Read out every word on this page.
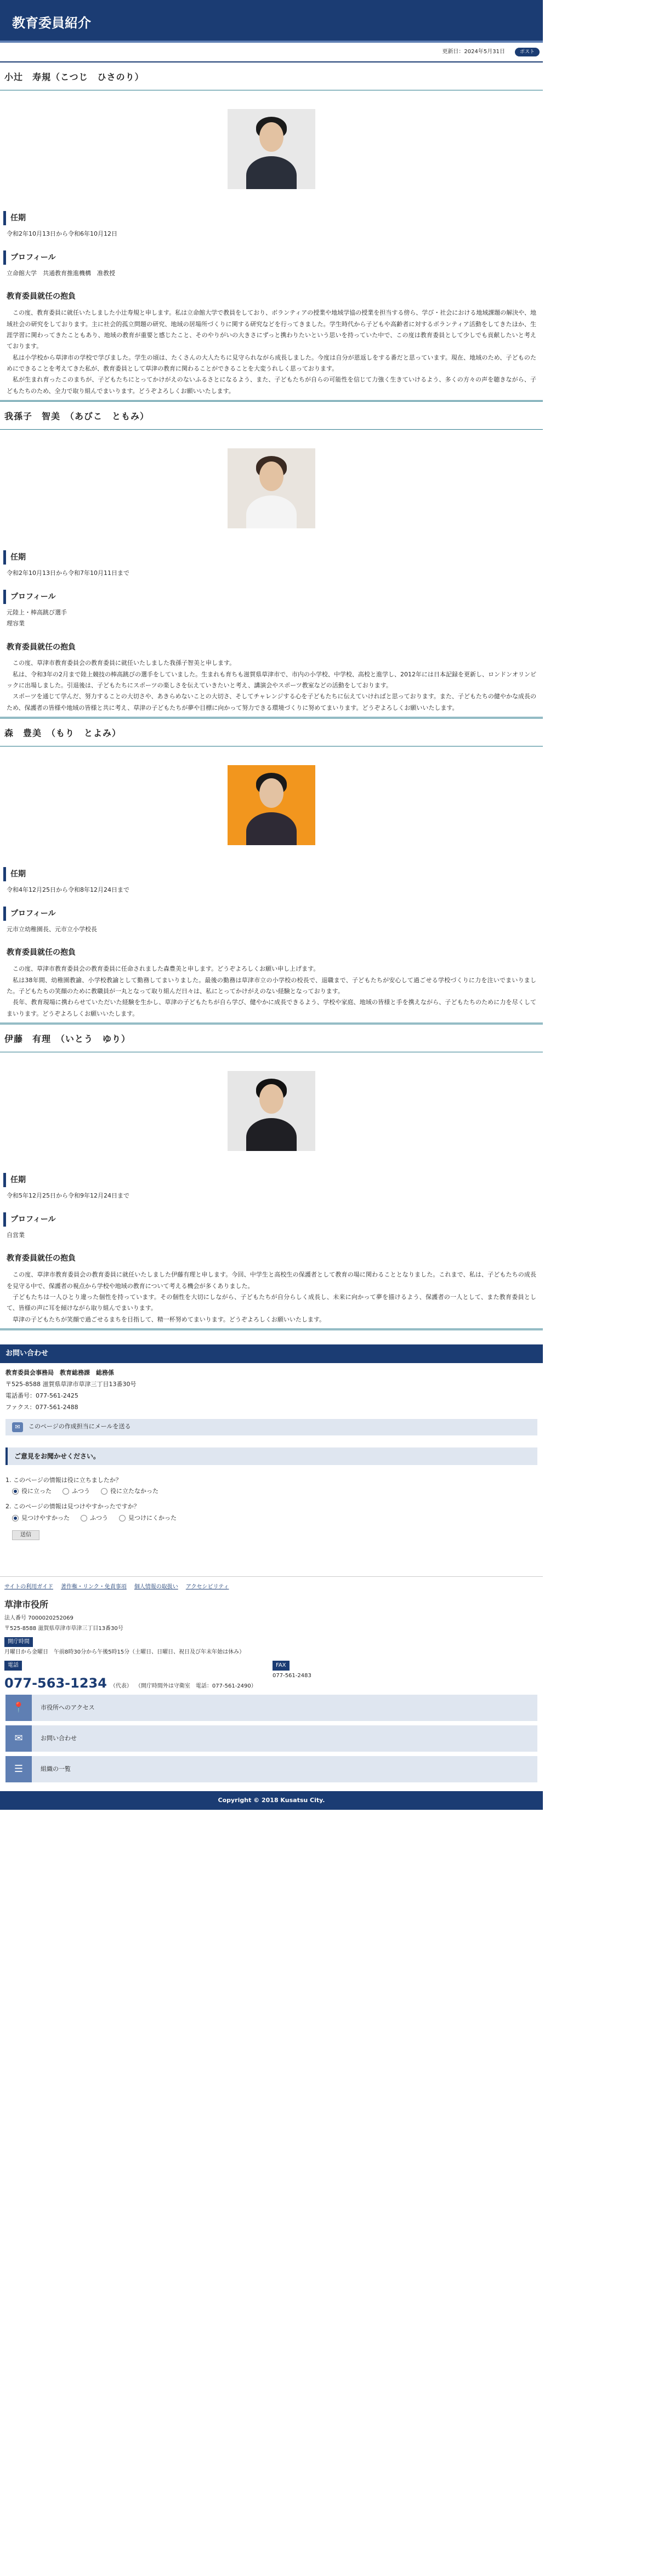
教育委員紹介
更新日：2024年5月31日	ポスト
小辻　寿規（こつじ　ひさのり）
任期
令和2年10月13日から令和6年10月12日
プロフィール
立命館大学　共通教育推進機構　准教授
教育委員就任の抱負

この度、教育委員に就任いたしました小辻寿規と申します。私は立命館大学で教員をしており、ボランティアの授業や地域学協の授業を担当する傍ら、学び・社会における地域課題の解決や、地域社会の研究をしております。主に社会的孤立問題の研究、地域の居場所づくりに関する研究などを行ってきました。学生時代から子どもや高齢者に対するボランティア活動をしてきたほか、生涯学習に関わってきたこともあり、地域の教育が重要と感じたこと、そのやりがいの大きさにずっと携わりたいという思いを持っていた中で、この度は教育委員として少しでも貢献したいと考えております。

私は小学校から草津市の学校で学びました。学生の頃は、たくさんの大人たちに見守られながら成長しました。今度は自分が恩返しをする番だと思っています。現在、地域のため、子どものためにできることを考えてきた私が、教育委員として草津の教育に関わることができることを大変うれしく思っております。

私が生まれ育ったこのまちが、子どもたちにとってかけがえのないふるさとになるよう、また、子どもたちが自らの可能性を信じて力強く生きていけるよう、多くの方々の声を聴きながら、子どもたちのため、全力で取り組んでまいります。どうぞよろしくお願いいたします。

我孫子　智美　（あびこ　ともみ）
任期
令和2年10月13日から令和7年10月11日まで
プロフィール
元陸上・棒高跳び選手
理容業
教育委員就任の抱負

この度、草津市教育委員会の教育委員に就任いたしました我孫子智美と申します。

私は、令和3年の2月まで陸上競技の棒高跳びの選手をしていました。生まれも育ちも滋賀県草津市で、市内の小学校、中学校、高校と進学し、2012年には日本記録を更新し、ロンドンオリンピックに出場しました。引退後は、子どもたちにスポーツの楽しさを伝えていきたいと考え、講演会やスポーツ教室などの活動をしております。

スポーツを通じて学んだ、努力することの大切さや、あきらめないことの大切さ、そしてチャレンジする心を子どもたちに伝えていければと思っております。また、子どもたちの健やかな成長のため、保護者の皆様や地域の皆様と共に考え、草津の子どもたちが夢や目標に向かって努力できる環境づくりに努めてまいります。どうぞよろしくお願いいたします。

森　豊美　（もり　とよみ）
任期
令和4年12月25日から令和8年12月24日まで
プロフィール
元市立幼稚園長、元市立小学校長
教育委員就任の抱負

この度、草津市教育委員会の教育委員に任命されました森豊美と申します。どうぞよろしくお願い申し上げます。

私は38年間、幼稚園教諭、小学校教諭として勤務してまいりました。最後の勤務は草津市立の小学校の校長で、退職まで、子どもたちが安心して過ごせる学校づくりに力を注いでまいりました。子どもたちの笑顔のために教職員が一丸となって取り組んだ日々は、私にとってかけがえのない経験となっております。

長年、教育現場に携わらせていただいた経験を生かし、草津の子どもたちが自ら学び、健やかに成長できるよう、学校や家庭、地域の皆様と手を携えながら、子どもたちのために力を尽くしてまいります。どうぞよろしくお願いいたします。

伊藤　有理　（いとう　ゆり）
任期
令和5年12月25日から令和9年12月24日まで
プロフィール
自営業
教育委員就任の抱負

この度、草津市教育委員会の教育委員に就任いたしました伊藤有理と申します。今回、中学生と高校生の保護者として教育の場に関わることとなりました。これまで、私は、子どもたちの成長を見守る中で、保護者の視点から学校や地域の教育について考える機会が多くありました。

子どもたちは一人ひとり違った個性を持っています。その個性を大切にしながら、子どもたちが自分らしく成長し、未来に向かって夢を描けるよう、保護者の一人として、また教育委員として、皆様の声に耳を傾けながら取り組んでまいります。

草津の子どもたちが笑顔で過ごせるまちを目指して、精一杯努めてまいります。どうぞよろしくお願いいたします。

お問い合わせ
教育委員会事務局　教育総務課　総務係
〒525-8588 滋賀県草津市草津三丁目13番30号
電話番号：077-561-2425
ファクス：077-561-2488
✉	このページの作成担当にメールを送る
ご意見をお聞かせください。
1. このページの情報は役に立ちましたか？
役に立った	ふつう	役に立たなかった
2. このページの情報は見つけやすかったですか？
見つけやすかった	ふつう	見つけにくかった
送信
サイトの利用ガイド 著作権・リンク・免責事項 個人情報の取扱い アクセシビリティ
草津市役所
法人番号 7000020252069
〒525-8588 滋賀県草津市草津三丁目13番30号
開庁時間
月曜日から金曜日　午前8時30分から午後5時15分（土曜日、日曜日、祝日及び年末年始は休み）
電話
077-563-1234 （代表） （開庁時間外は守衛室　電話：077-561-2490）
FAX
077-561-2483
📍	市役所へのアクセス
✉	お問い合わせ
☰	組織の一覧
Copyright © 2018 Kusatsu City.
